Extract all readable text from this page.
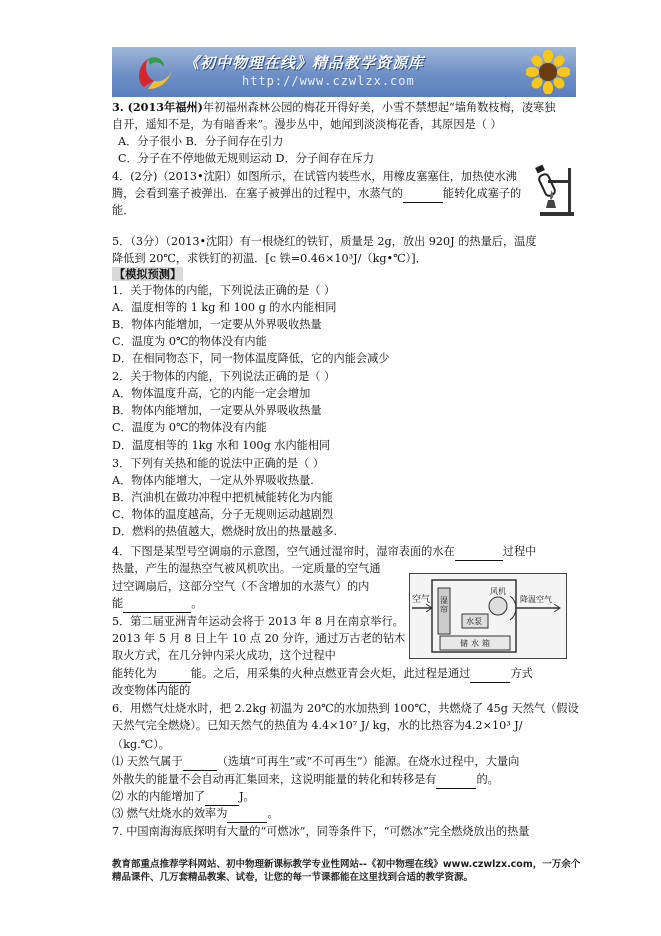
《初中物理在线》精品教学资源库
http://www.czwlzx.com
空气 湿帘
风机
水泵
储水箱
降温空气
3. (2013年福州)年初福州森林公园的梅花开得好美，小雪不禁想起“墙角数枝梅，凌寒独
自开，遥知不是，为有暗香来”。漫步丛中，她闻到淡淡梅花香，其原因是（ ）
A．分子很小 B．分子间存在引力
C．分子在不停地做无规则运动 D．分子间存在斥力
4．(2分)（2013•沈阳）如图所示，在试管内装些水，用橡皮塞塞住，加热使水沸
腾，会看到塞子被弹出．在塞子被弹出的过程中，水蒸气的	能转化成塞子的
能．
5．（3分）（2013•沈阳）有一根烧红的铁钉，质量是 2g，放出 920J 的热量后，温度
降低到 20℃，求铁钉的初温．[c 铁=0.46×10³J/（kg•℃）]．
【模拟预测】
1．关于物体的内能，下列说法正确的是（ ）
A．温度相等的 1 kg 和 100 g 的水内能相同
B．物体内能增加，一定要从外界吸收热量
C．温度为 0℃的物体没有内能
D．在相同物态下，同一物体温度降低，它的内能会减少
2．关于物体的内能，下列说法正确的是（ ）
A．物体温度升高，它的内能一定会增加
B．物体内能增加，一定要从外界吸收热量
C．温度为 0℃的物体没有内能
D．温度相等的 1kg 水和 100g 水内能相同
3．下列有关热和能的说法中正确的是（ ）
A．物体内能增大，一定从外界吸收热量.
B．汽油机在做功冲程中把机械能转化为内能
C．物体的温度越高，分子无规则运动越剧烈
D．燃料的热值越大，燃烧时放出的热量越多.
4．下图是某型号空调扇的示意图，空气通过湿帘时，湿帘表面的水在	过程中
热量，产生的湿热空气被风机吹出。一定质量的空气通
过空调扇后，这部分空气（不含增加的水蒸气）的内
能	。
5．第二届亚洲青年运动会将于 2013 年 8 月在南京举行。
2013 年 5 月 8 日上午 10 点 20 分许，通过万古老的钻木
取火方式，在几分钟内采火成功，这个过程中
能转化为	能。之后，用采集的火种点燃亚青会火炬，此过程是通过	方式
改变物体内能的
6．用燃气灶烧水时，把 2.2kg 初温为 20℃的水加热到 100℃，共燃烧了 45g 天然气（假设
天然气完全燃烧）。已知天然气的热值为 4.4×10⁷ J/ kg，水的比热容为4.2×10³ J/
（kg.℃）。
⑴ 天然气属于	（选填“可再生”或“不可再生”）能源。在烧水过程中，大量向
外散失的能量不会自动再汇集回来，这说明能量的转化和转移是有	的。
⑵ 水的内能增加了	J。
⑶ 燃气灶烧水的效率为	。
7. 中国南海海底探明有大量的“可燃冰”，同等条件下，“可燃冰”完全燃烧放出的热量
教育部重点推荐学科网站、初中物理新课标教学专业性网站--《初中物理在线》www.czwlzx.com，一万余个精品课件、几万套精品教案、试卷，让您的每一节课都能在这里找到合适的教学资源。
